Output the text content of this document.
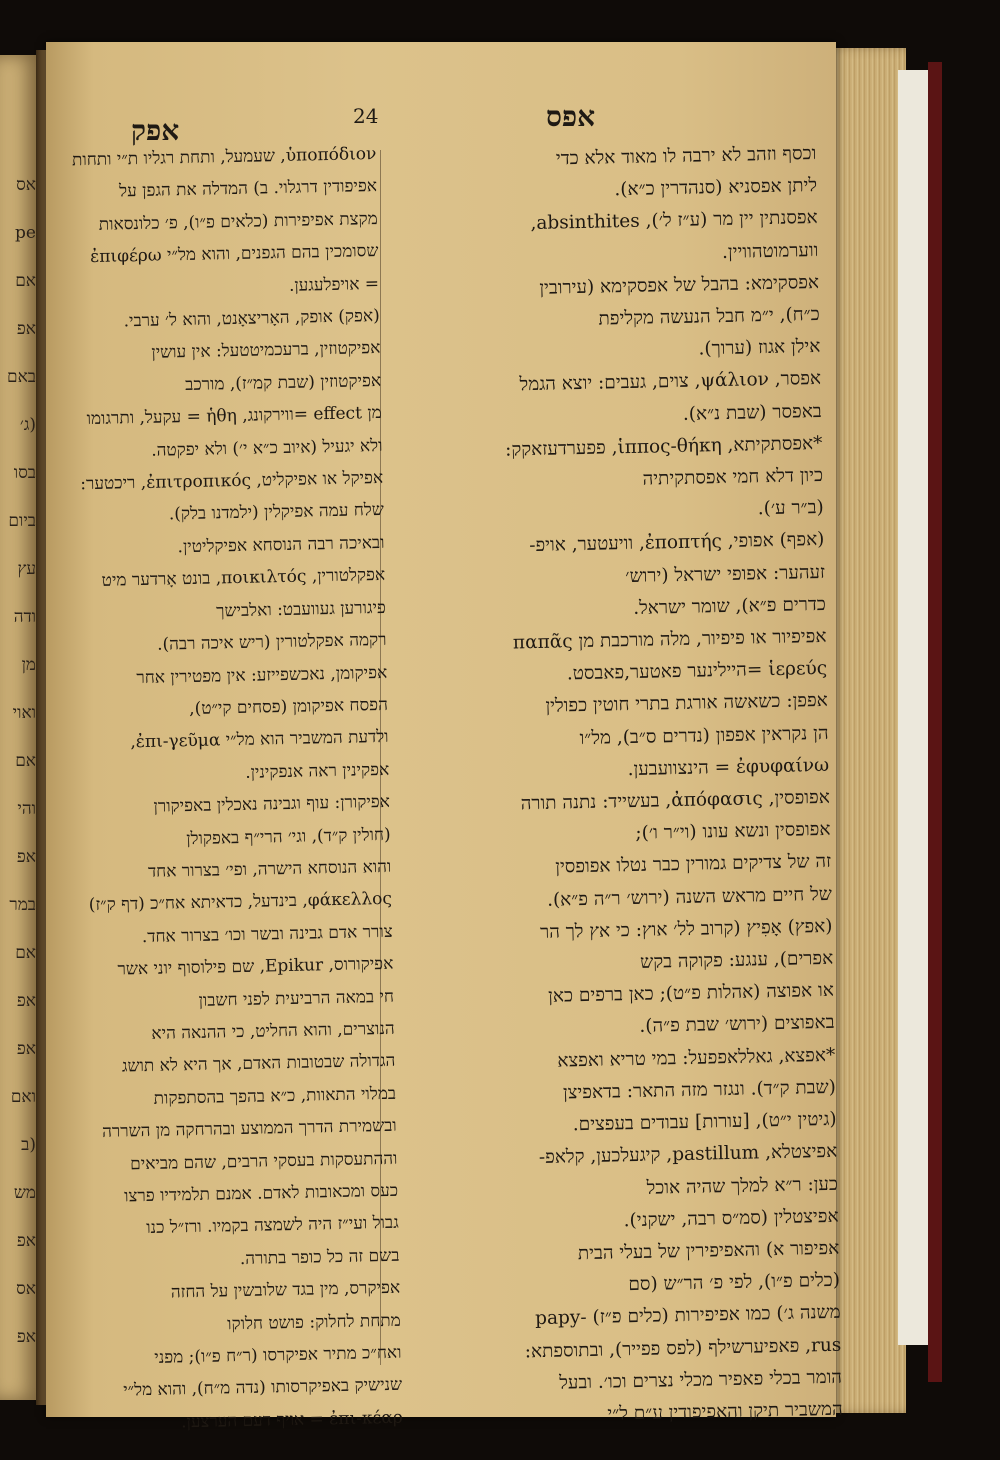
אס
pe
אם
אפ
באם
(ג׳
בסו
ביום
עץ
ודה
מן
ואוי
אם
והי
אפ
במר
אם
אפ
אפ
ואם
(ב
מש
אפ
אס
אפ
אפק	24	אפס
וכסף וזהב לא ירבה לו מאוד אלא כדי
ליתן אפסניא (סנהדרין כ״א).
אפסנתין יין מר (ע״ז ל׳), absinthites,
ווערמוטהוויין.
אפסקימא: בהבל של אפסקימא (עירובין
כ״ח), י״מ חבל הנעשה מקליפת
אילן אגוז (ערוך).
אפסר, ψάλιον, צוים, געבים: יוצא הגמל
באפסר (שבת נ״א).
*אפסתקיתא, ἱππος-θήκη, פפערדעזאקק:
כיון דלא חמי אפסתקיתיה
(ב״ר ע׳).
(אפף) אפופי, ἐποπτής, וויעטער, אויפ-
זעהער: אפופי ישראל (ירוש׳
כדרים פ״א), שומר ישראל.
אפיפיור או פיפיור, מלה מורכבת מן παπᾶς
ἱερεύς =היילינער פאטער,פאבסט.
אפפן: כשאשה אורגת בתרי חוטין כפולין
הן נקראין אפפון (נדרים ס״ב), מל״ו
ἐφυφαίνω = הינצוועבען.
אפופסין, ἀπόφασις, בעשייד: נתנה תורה
אפופסין ונשא עונו (וי״ר ו׳);
זה של צדיקים גמורין כבר נטלו אפופסין
של חיים מראש השנה (ירוש׳ ר״ה פ״א).
(אפץ) אָפִיץ (קרוב לל׳ אוץ: כי אץ לך הר
אפרים), ענגע: פקוקה בקש
או אפוצה (אהלות פ״ט); כאן ברפים כאן
באפוצים (ירוש׳ שבת פ״ה).
*אפצא, גאללאפפעל: במי טריא ואפצא
(שבת ק״ד). ונגזר מזה התאר: בדאפיצן
(גיטין י״ט), [עורות] עבודים בעפצים.
אפיצטלא, pastillum, קיגעלכען, קלאפ-
כען: ר״א למלך שהיה אוכל
אפיצטלין (סמ״ס רבה, ישקני).
אפיפור א) והאפיפירין של בעלי הבית
(כלים פ״ו), לפי פ׳ הר״ש (סם
משנה ג׳) כמו אפיפירות (כלים פ״ז) -papy
rus, פאפיערשילף (לפס פפייר), ובתוספתא:
הומר בכלי פאפיר מכלי נצרים וכו׳. ובעל
המשביר תיקן והאפיפודין ע״ם ל״י
ὑποπόδιον, שעמעל, ותחת רגליו ת״י ותחות
אפיפודין דרגלוי. ב) המדלה את הגפן על
מקצת אפיפירות (כלאים פ״ו), פ׳ כלונסאות
שסומכין בהם הגפנים, והוא מל״י ἐπιφέρω
= אויפלעגען.
(אפק) אופק, האָריצאָנט, והוא ל׳ ערבי.
אפיקטוזין, ברעכמיטטעל: אין עושין
אפיקטוזין (שבת קמ״ז), מורכב
מן effect =ווירקונג, ἡθη = עקעל, ותרגומו
ולא יגעיל (איוב כ״א י׳) ולא יפקטה.
אפיקל או אפיקליט, ἐπιτροπικός, ריכטער:
שלח עמה אפיקלין (ילמדנו בלק).
ובאיכה רבה הנוסחא אפיקליטין.
אפקלטורין, ποικιλτός, בונט אָרדער מיט
פיגורען געוועבט: ואלבישך
רקמה אפקלטורין (ריש איכה רבה).
אפיקומן, נאכשפייזע: אין מפטירין אחר
הפסח אפיקומן (פסחים קי״ט),
ולדעת המשביר הוא מל״י ἐπι-γεῦμα,
אפקינין ראה אנפקינין.
אפיקורן: עוף וגבינה נאכלין באפיקורן
(חולין ק״ד), וגי׳ הרי״ף באפקולן
והוא הנוסחא הישרה, ופי׳ בצרור אחד
φάκελλος, בינדעל, כדאיתא אח״כ (דף ק״ז)
צורר אדם גבינה ובשר וכו׳ בצרור אחד.
אפיקורוס, Epikur, שם פילוסוף יוני אשר
חי במאה הרביעית לפני חשבון
הנוצרים, והוא החליט, כי ההנאה היא
הגדולה שבטובות האדם, אך היא לא תושג
במלוי התאוות, כ״א בהפך בהסתפקות
ובשמירת הדרך הממוצע ובהרחקה מן השררה
וההתעסקות בעסקי הרבים, שהם מביאים
כעס ומכאובות לאדם. אמנם תלמידיו פרצו
גבול ועי״ז היה לשמצה בקמיו. ורז״ל כנו
בשם זה כל כופר בתורה.
אפיקרס, מין בגד שלובשין על החזה
מתחת לחלוק: פושט חלוקו
ואח״כ מתיר אפיקרסו (ר״ח פ״ו); מפני
שנישיק באפיקרסותו (נדה מ״ח), והוא מל״י
ἐπι-κέαρ = אויף דעם הערצען.
